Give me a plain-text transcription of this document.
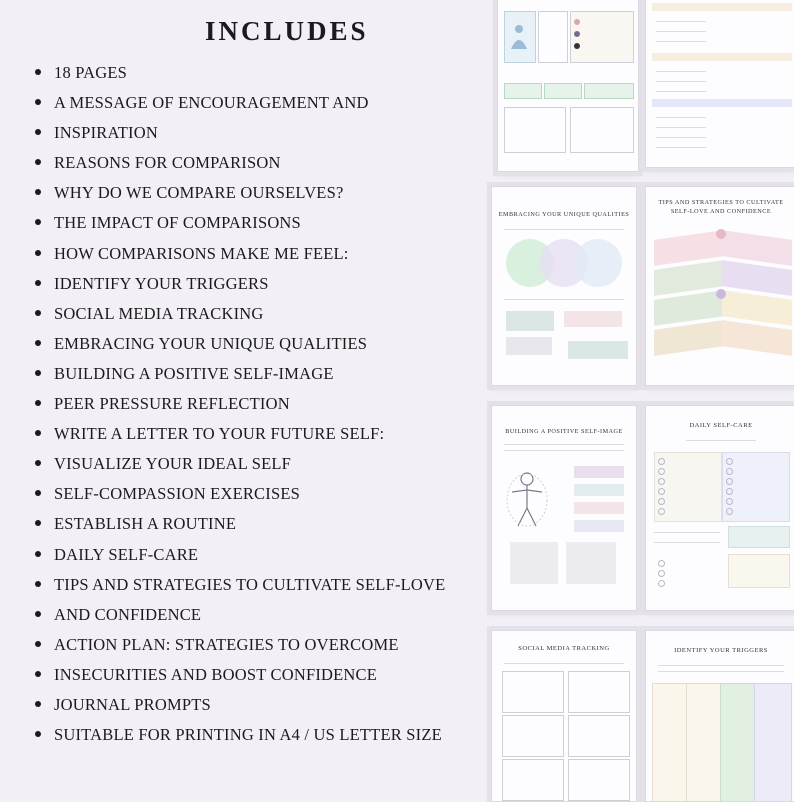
INCLUDES
18 PAGES
A MESSAGE OF ENCOURAGEMENT AND
INSPIRATION
REASONS FOR COMPARISON
WHY DO WE COMPARE OURSELVES?
THE IMPACT OF COMPARISONS
HOW COMPARISONS MAKE ME FEEL:
IDENTIFY YOUR TRIGGERS
SOCIAL MEDIA TRACKING
EMBRACING YOUR UNIQUE QUALITIES
BUILDING A POSITIVE SELF-IMAGE
PEER PRESSURE REFLECTION
WRITE A LETTER TO YOUR FUTURE SELF:
VISUALIZE YOUR IDEAL SELF
SELF-COMPASSION EXERCISES
ESTABLISH A ROUTINE
DAILY SELF-CARE
TIPS AND STRATEGIES TO CULTIVATE SELF-LOVE
AND CONFIDENCE
ACTION PLAN: STRATEGIES TO OVERCOME
INSECURITIES AND BOOST CONFIDENCE
JOURNAL PROMPTS
SUITABLE FOR PRINTING IN A4 / US LETTER SIZE
EMBRACING YOUR UNIQUE QUALITIES
TIPS AND STRATEGIES TO CULTIVATE
SELF-LOVE AND CONFIDENCE
BUILDING A POSITIVE SELF-IMAGE
DAILY SELF-CARE
SOCIAL MEDIA TRACKING	IDENTIFY YOUR TRIGGERS
